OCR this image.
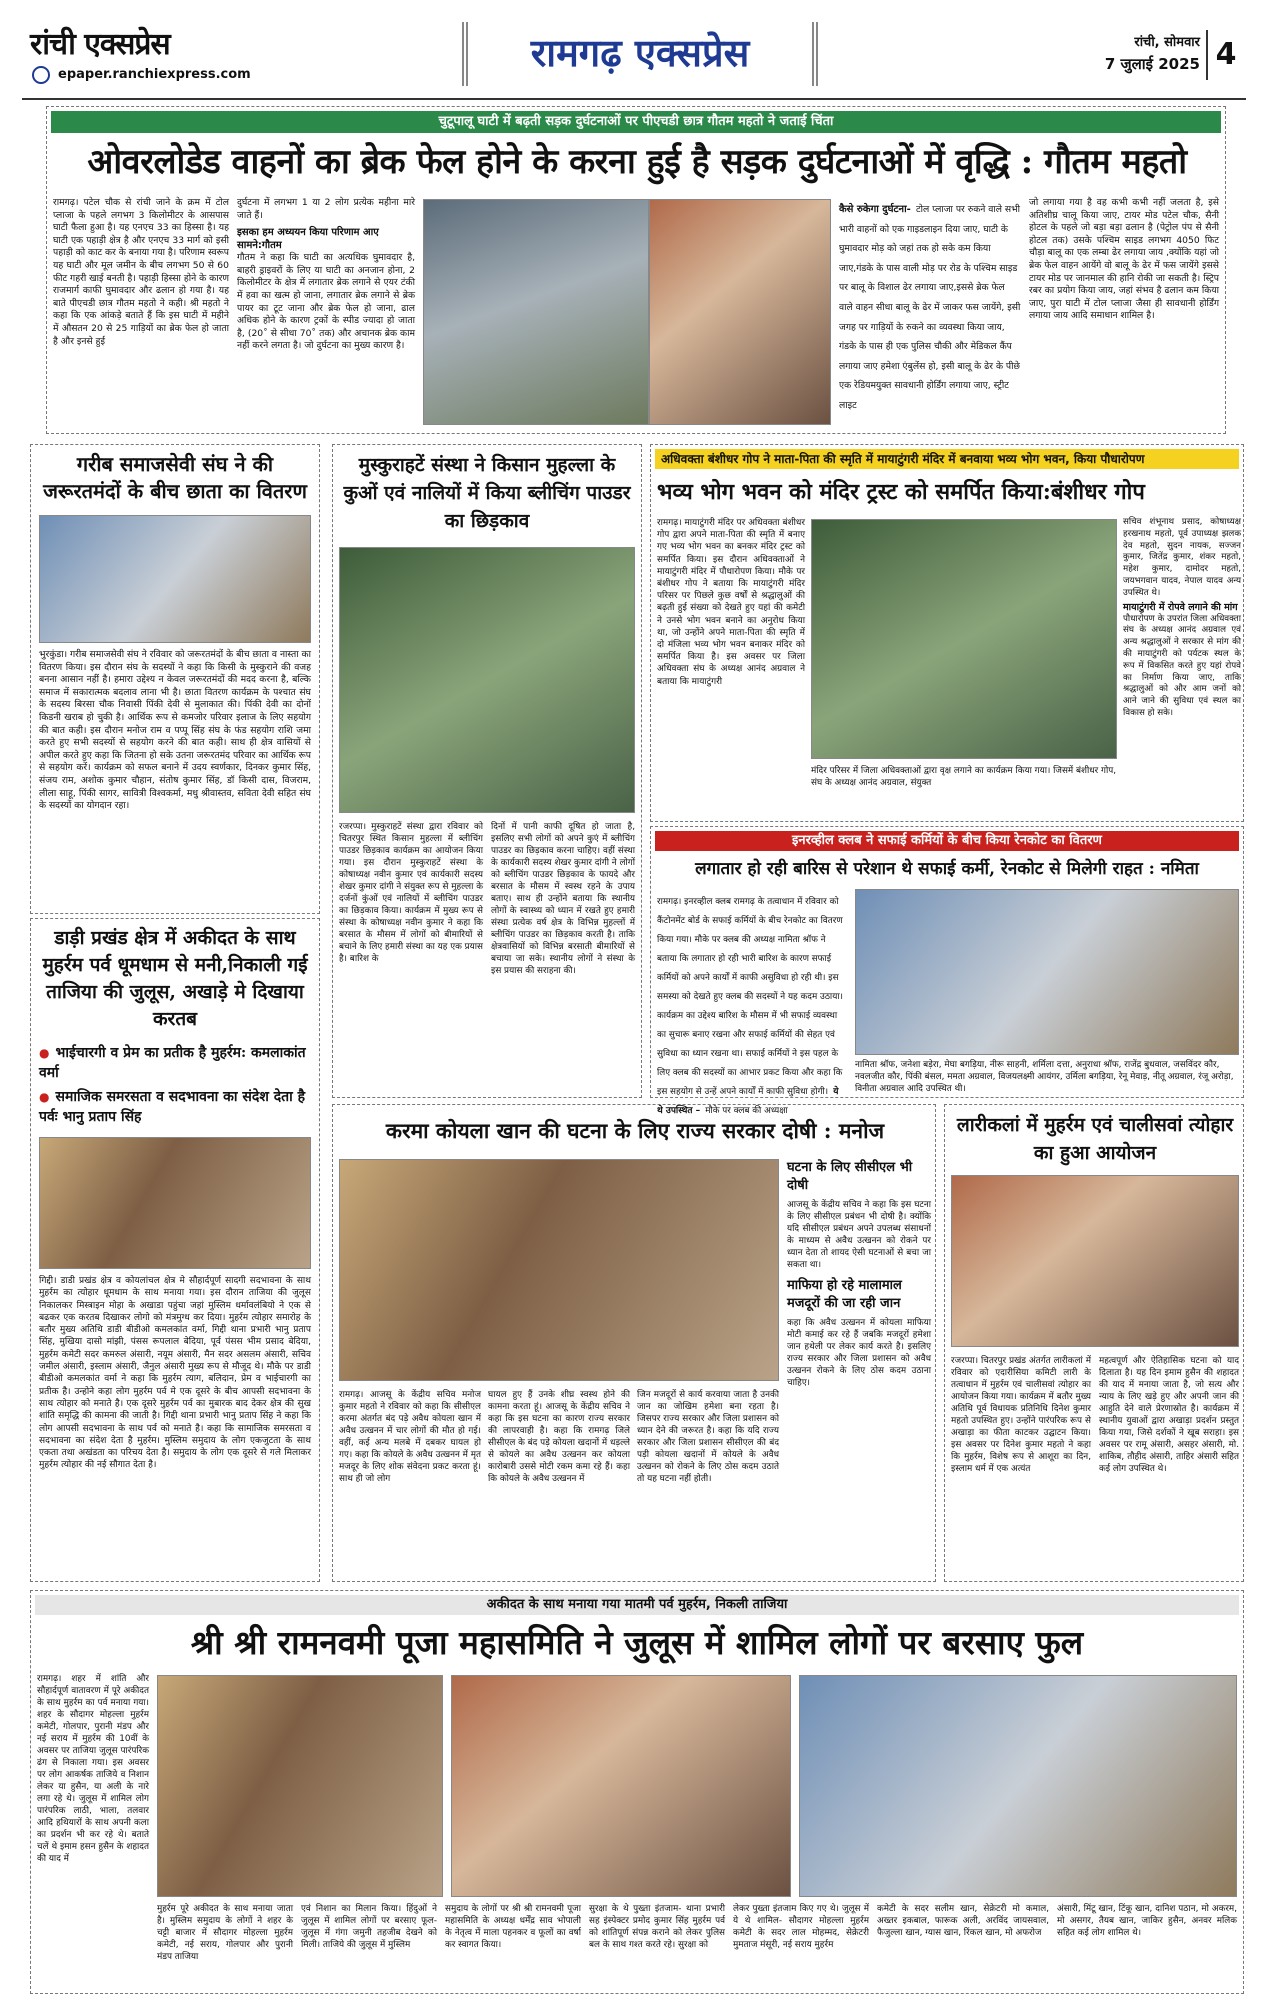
रांची एक्सप्रेस
epaper.ranchiexpress.com	रामगढ़ एक्सप्रेस	रांची, सोमवार
7 जुलाई 2025 4
चुटूपालू घाटी में बढ़ती सड़क दुर्घटनाओं पर पीएचडी छात्र गौतम महतो ने जताई चिंता
ओवरलोडेड वाहनों का ब्रेक फेल होने के करना हुई है सड़क दुर्घटनाओं में वृद्धि : गौतम महतो
रामगढ़। पटेल चौक से रांची जाने के क्रम में टोल प्लाजा के पहले लगभग 3 किलोमीटर के आसपास घाटी फैला हुआ है। यह एनएच 33 का हिस्सा है। यह घाटी एक पहाड़ी क्षेत्र है और एनएच 33 मार्ग को इसी पहाड़ी को काट कर के बनाया गया है। परिणाम स्वरूप यह घाटी और मूल जमीन के बीच लगभग 50 से 60 फीट गहरी खाई बनती है। पहाड़ी हिस्सा होने के कारण राजमार्ग काफी घुमावदार और ढलान हो गया है। यह बाते पीएचडी छात्र गौतम महतो ने कही। श्री महतो ने कहा कि एक आंकड़े बताते हैं कि इस घाटी में महीने में औसतन 20 से 25 गाड़ियों का ब्रेक फेल हो जाता है और इनसे हुई
दुर्घटना में लगभग 1 या 2 लोग प्रत्येक महीना मारे जाते हैं।
इसका हम अध्ययन किया परिणाम आए सामने:गौतम
गौतम ने कहा कि घाटी का अत्यधिक घुमावदार है, बाहरी ड्राइवरों के लिए या घाटी का अनजान होना, 2 किलोमीटर के क्षेत्र में लगातार ब्रेक लगाने से एयर टंकी में हवा का खत्म हो जाना, लगातार ब्रेक लगाने से ब्रेक पायर का टूट जाना और ब्रेक फेल हो जाना, ढाल अधिक होने के कारण ट्रकों के स्पीड ज्यादा हो जाता है, (20˚ से सीधा 70˚ तक) और अचानक ब्रेक काम नहीं करने लगता है। जो दुर्घटना का मुख्य कारण है।
कैसे रुकेगा दुर्घटना- टोल प्लाजा पर रुकने वाले सभी भारी वाहनों को एक गाइडलाइन दिया जाए, घाटी के घुमावदार मोड़ को जहां तक हो सके कम किया जाए,गंडके के पास वाली मोड़ पर रोड के पश्चिम साइड पर बालू के विशाल ढेर लगाया जाए,इससे ब्रेक फेल वाले वाहन सीधा बालू के ढेर में जाकर फस जायेंगे, इसी जगह पर गाड़ियों के रुकने का व्यवस्था किया जाय, गंडके के पास ही एक पुलिस चौकी और मेडिकल कैंप लगाया जाए हमेशा एंबुलेंस हो, इसी बालू के ढेर के पीछे एक रेडियमयुक्त सावधानी होर्डिंग लगाया जाए, स्ट्रीट लाइट
जो लगाया गया है वह कभी कभी नहीं जलता है, इसे अतिशीघ्र चालू किया जाए, टायर मोड पटेल चौक, सैनी होटल के पहले जो बड़ा बड़ा ढलान है (पेट्रोल पंप से सैनी होटल तक) उसके पश्चिम साइड लगभग 4050 फिट चौड़ा बालू का एक लम्बा ढेर लगाया जाय ,क्योंकि यहां जो ब्रेक फेल वाहन आयेंगे वो बालू के ढेर में फस जायेंगे इससे टायर मोड पर जानमाल की हानि रोकी जा सकती है। स्ट्रिप रबर का प्रयोग किया जाय, जहां संभव है ढलान कम किया जाए, पुरा घाटी में टोल प्लाजा जैसा ही सावधानी होर्डिंग लगाया जाय आदि समाधान शामिल है।
गरीब समाजसेवी संघ ने की जरूरतमंदों के बीच छाता का वितरण
भुरकुंडा। गरीब समाजसेवी संघ ने रविवार को जरूरतमंदों के बीच छाता व नास्ता का वितरण किया। इस दौरान संघ के सदस्यों ने कहा कि किसी के मुस्कुराने की वजह बनना आसान नहीं है। हमारा उद्देश्य न केवल जरूरतमंदों की मदद करना है, बल्कि समाज में सकारात्मक बदलाव लाना भी है। छाता वितरण कार्यक्रम के पश्चात संघ के सदस्य बिरसा चौक निवासी पिंकी देवी से मुलाकात की। पिंकी देवी का दोनों किडनी खराब हो चुकी है। आर्थिक रूप से कमजोर परिवार इलाज के लिए सहयोग की बात कही। इस दौरान मनोज राम व पप्पू सिंह संघ के फंड सहयोग राशि जमा करते हुए सभी सदस्यों से सहयोग करने की बात कही। साथ ही क्षेत्र वासियों से अपील करते हुए कहा कि जितना हो सके उतना जरूरतमंद परिवार का आर्थिक रूप से सहयोग करें। कार्यक्रम को सफल बनाने में उदय स्वर्णकार, दिनकर कुमार सिंह, संजय राम, अशोक कुमार चौहान, संतोष कुमार सिंह, डॉ किसी दास, विजराम, लीला साहू, पिंकी सागर, सावित्री विश्वकर्मा, मधु श्रीवास्तव, सविता देवी सहित संघ के सदस्यों का योगदान रहा।
डाड़ी प्रखंड क्षेत्र में अकीदत के साथ मुहर्रम पर्व धूमधाम से मनी,निकाली गई ताजिया की जुलूस, अखाड़े मे दिखाया करतब
● भाईचारगी व प्रेम का प्रतीक है मुहर्रम: कमलाकांत वर्मा
● समाजिक समरसता व सदभावना का संदेश देता है पर्वः भानु प्रताप सिंह
गिद्दी। डाडी प्रखंड क्षेत्र व कोयलांचल क्षेत्र मे सौहार्दपूर्ण सादगी सदभावना के साथ मुहर्रम का त्योहार धूमधाम के साथ मनाया गया। इस दौरान ताजिया की जुलूस निकालकर मिस्त्राइन मोहा के अखाडा पहुंचा जहां मुस्लिम धर्मावलंबियो ने एक से बढकर एक करतब दिखाकर लोगो को मंत्रमुग्ध कर दिया। मुहर्रम त्योहार समारोह के बतौर मुख्य अतिथि डाडी बीडीओ कमलकांत वर्मा, गिद्दी थाना प्रभारी भानु प्रताप सिंह, मुखिया दासो मांझी, पंसस रूपलाल बेदिया, पूर्व पंसस भीम प्रसाद बेदिया, मुहर्रम कमेटी सदर कमरुल अंसारी, नयूम अंसारी, मैन सदर असलम अंसारी, सचिव जमील अंसारी, इस्लाम अंसारी, जैनुल अंसारी मुख्य रूप से मौजूद थे। मौके पर डाडी बीडीओ कमलकांत वर्मा ने कहा कि मुहर्रम त्याग, बलिदान, प्रेम व भाईचारगी का प्रतीक है। उन्होने कहा लोग मुहर्रम पर्व मे एक दूसरे के बीच आपसी सदभावना के साथ त्योहार को मनाते है। एक दूसरे मुहर्रम पर्व का मुबारक बाद देकर क्षेत्र की सुख शांति समृद्धि की कामना की जाती है। गिद्दी थाना प्रभारी भानु प्रताप सिंह ने कहा कि लोग आपसी सदभावना के साथ पर्व को मनाते है। कहा कि सामाजिक समरसता व सदभावना का संदेश देता है मुहर्रम। मुस्लिम समुदाय के लोग एकजुटता के साथ एकता तथा अखंडता का परिचय देता है। समुदाय के लोग एक दूसरे से गले मिलाकर मुहर्रम त्योहार की नई सौगात देता है।
मुस्कुराहटें संस्था ने किसान मुहल्ला के कुओं एवं नालियों में किया ब्लीचिंग पाउडर का छिड़काव
रजरप्पा। मुस्कुराहटें संस्था द्वारा रविवार को चितरपुर स्थित किसान मुहल्ला में ब्लीचिंग पाउडर छिड़काव कार्यक्रम का आयोजन किया गया। इस दौरान मुस्कुराहटें संस्था के कोषाध्यक्ष नवीन कुमार एवं कार्यकारी सदस्य शेखर कुमार दांगी ने संयुक्त रूप से मुहल्ला के दर्जनों कुंओं एवं नालियों में ब्लीचिंग पाउडर का छिड़काव किया। कार्यक्रम में मुख्य रूप से संस्था के कोषाध्यक्ष नवीन कुमार ने कहा कि बरसात के मौसम में लोगों को बीमारियों से बचाने के लिए हमारी संस्था का यह एक प्रयास है। बारिश के
दिनों में पानी काफी दूषित हो जाता है, इसलिए सभी लोगों को अपने कुएं में ब्लीचिंग पाउडर का छिड़काव करना चाहिए। वहीं संस्था के कार्यकारी सदस्य शेखर कुमार दांगी ने लोगों को ब्लीचिंग पाउडर छिड़काव के फायदे और बरसात के मौसम में स्वस्थ रहने के उपाय बताए। साथ ही उन्होंने बताया कि स्थानीय लोगों के स्वास्थ्य को ध्यान में रखते हुए हमारी संस्था प्रत्येक वर्ष क्षेत्र के विभिन्न मुहल्लों में ब्लीचिंग पाउडर का छिड़काव करती है। ताकि क्षेत्रवासियों को विभिन्न बरसाती बीमारियों से बचाया जा सके। स्थानीय लोगों ने संस्था के इस प्रयास की सराहना की।
अधिवक्ता बंशीधर गोप ने माता-पिता की स्मृति में मायाटुंगरी मंदिर में बनवाया भव्य भोग भवन, किया पौधारोपण
भव्य भोग भवन को मंदिर ट्रस्ट को समर्पित किया:बंशीधर गोप
रामगढ़। मायाटुंगरी मंदिर पर अधिवक्ता बंशीधर गोप द्वारा अपने माता-पिता की स्मृति में बनाए गए भव्य भोग भवन का बनकर मंदिर ट्रस्ट को समर्पित किया। इस दौरान अधिवक्ताओं ने मायाटुंगरी मंदिर में पौधारोपण किया। मौके पर बंशीधर गोप ने बताया कि मायाटुंगरी मंदिर परिसर पर पिछले कुछ वर्षों से श्रद्धालुओं की बढ़ती हुई संख्या को देखते हुए यहां की कमेटी ने उनसे भोग भवन बनाने का अनुरोध किया था, जो उन्होंने अपने माता-पिता की स्मृति में दो मंजिला भव्य भोग भवन बनाकर मंदिर को समर्पित किया है। इस अवसर पर जिला अधिवक्ता संघ के अध्यक्ष आनंद अग्रवाल ने बताया कि मायाटुंगरी
मंदिर परिसर में जिला अधिवक्ताओं द्वारा वृक्ष लगाने का कार्यक्रम किया गया। जिसमें बंशीधर गोप, संघ के अध्यक्ष आनंद अग्रवाल, संयुक्त
सचिव शंभूनाथ प्रसाद, कोषाध्यक्ष हरखनाथ महतो, पूर्व उपाध्यक्ष झलक देव महतो, सुदन नायक, सज्जन कुमार, जितेंद्र कुमार, शंकर महतो, महेश कुमार, दामोदर महतो, जयभगवान यादव, नेपाल यादव अन्य उपस्थित थे।
मायाटुंगरी में रोपवे लगाने की मांग
पौधारोपण के उपरांत जिला अधिवक्ता संघ के अध्यक्ष आनंद अग्रवाल एवं अन्य श्रद्धालुओं ने सरकार से मांग की की मायाटुंगरी को पर्यटक स्थल के रूप में विकसित करते हुए यहां रोपवे का निर्माण किया जाए, ताकि श्रद्धालुओं को और आम जनों को आने जाने की सुविधा एवं स्थल का विकास हो सके।
इनरव्हील क्लब ने सफाई कर्मियों के बीच किया रेनकोट का वितरण
लगातार हो रही बारिस से परेशान थे सफाई कर्मी, रेनकोट से मिलेगी राहत : नमिता
रामगढ़। इनरव्हील क्लब रामगढ़ के तत्वाधान में रविवार को कैंटोनमेंट बोर्ड के सफाई कर्मियों के बीच रेनकोट का वितरण किया गया। मौके पर क्लब की अध्यक्ष नामिता श्रॉफ ने बताया कि लगातार हो रही भारी बारिश के कारण सफाई कर्मियों को अपने कार्यों में काफी असुविधा हो रही थी। इस समस्या को देखते हुए क्लब की सदस्यों ने यह कदम उठाया। कार्यक्रम का उद्देश्य बारिश के मौसम में भी सफाई व्यवस्था का सुचारू बनाए रखना और सफाई कर्मियों की सेहत एवं सुविधा का ध्यान रखना था। सफाई कर्मियों ने इस पहल के लिए क्लब की सदस्यों का आभार प्रकट किया और कहा कि इस सहयोग से उन्हें अपने कार्यों में काफी सुविधा होगी। ये थे उपस्थित – मौके पर क्लब की अध्यक्षा
नामिता श्रॉफ, जनेशा बड़ेरा, मेघा बगड़िया, नीरू साहनी, शर्मिला दत्ता, अनुराधा श्रॉफ, राजेंद्र बुधवाल, जसविंदर कौर, नवलजीत कौर, पिंकी बंसल, ममता अग्रवाल, विजयलक्ष्मी आयंगर, उर्मिला बगड़िया, रेनू मेवाड़, नीतू अग्रवाल, रंजू अरोड़ा, विनीता अग्रवाल आदि उपस्थित थी।
करमा कोयला खान की घटना के लिए राज्य सरकार दोषी : मनोज
घटना के लिए सीसीएल भी दोषी
आजसू के केंद्रीय सचिव ने कहा कि इस घटना के लिए सीसीएल प्रबंधन भी दोषी है। क्योंकि यदि सीसीएल प्रबंधन अपने उपलब्ध संसाधनों के माध्यम से अवैध उत्खनन को रोकने पर ध्यान देता तो शायद ऐसी घटनाओं से बचा जा सकता था।
माफिया हो रहे मालामाल मजदूरों की जा रही जान
कहा कि अवैध उत्खनन में कोयला माफिया मोटी कमाई कर रहे हैं जबकि मजदूरों हमेशा जान हथेली पर लेकर कार्य करते है। इसलिए राज्य सरकार और जिला प्रशासन को अवैध उत्खनन रोकने के लिए ठोस कदम उठाना चाहिए।
रामगढ़। आजसू के केंद्रीय सचिव मनोज कुमार महतो ने रविवार को कहा कि सीसीएल करमा अंतर्गत बंद पड़े अवैध कोयला खान में अवैध उत्खनन में चार लोगों की मौत हो गई। वहीं, कई अन्य मलबे में दबकर घायल हो गए। कहा कि कोयले के अवैध उत्खनन में मृत मजदूर के लिए शोक संवेदना प्रकट करता हूं। साथ ही जो लोग
घायल हुए हैं उनके शीघ्र स्वस्थ होने की कामना करता हूं। आजसू के केंद्रीय सचिव ने कहा कि इस घटना का कारण राज्य सरकार की लापरवाही है। कहा कि रामगढ़ जिले सीसीएल के बंद पड़े कोयला खदानों में धड़ल्ले से कोयले का अवैध उत्खनन कर कोयला कारोबारी उससे मोटी रकम कमा रहे हैं। कहा कि कोयले के अवैध उत्खनन में
जिन मजदूरों से कार्य करवाया जाता है उनकी जान का जोखिम हमेशा बना रहता है। जिसपर राज्य सरकार और जिला प्रशासन को ध्यान देने की जरूरत है। कहा कि यदि राज्य सरकार और जिला प्रशासन सीसीएल की बंद पड़ी कोयला खदानों में कोयले के अवैध उत्खनन को रोकने के लिए ठोस कदम उठाते तो यह घटना नहीं होती।
लारीकलां में मुहर्रम एवं चालीसवां त्योहार का हुआ आयोजन
रजरप्पा। चितरपुर प्रखंड अंतर्गत लारीकलां में रविवार को एदारीसिया कमिटी लारी के तत्वाधान में मुहर्रम एवं चालीसवां त्योहार का आयोजन किया गया। कार्यक्रम में बतौर मुख्य अतिथि पूर्व विधायक प्रतिनिधि दिनेश कुमार महतो उपस्थित हुए। उन्होंने पारंपरिक रूप से अखाड़ा का फीता काटकर उद्घाटन किया। इस अवसर पर दिनेश कुमार महतो ने कहा कि मुहर्रम, विशेष रूप से आशूरा का दिन, इस्लाम धर्म में एक अत्यंत
महत्वपूर्ण और ऐतिहासिक घटना को याद दिलाता है। यह दिन इमाम हुसैन की शहादत की याद में मनाया जाता है, जो सत्य और न्याय के लिए खड़े हुए और अपनी जान की आहुति देने वाले प्रेरणास्रोत है। कार्यक्रम में स्थानीय युवाओं द्वारा अखाड़ा प्रदर्शन प्रस्तुत किया गया, जिसे दर्शकों ने खूब सराहा। इस अवसर पर रामू अंसारी, असहर अंसारी, मो. शाकिब, तौहीद अंसारी, ताहिर अंसारी सहित कई लोग उपस्थित थे।
अकीदत के साथ मनाया गया मातमी पर्व मुहर्रम, निकली ताजिया
श्री श्री रामनवमी पूजा महासमिति ने जुलूस में शामिल लोगों पर बरसाए फुल
रामगढ़। शहर में शांति और सौहार्दपूर्ण वातावरण में पूरे अकीदत के साथ मुहर्रम का पर्व मनाया गया। शहर के सौदागर मोहल्ला मुहर्रम कमेटी, गोलपार, पुरानी मंडप और नई सराय में मुहर्रम की 10वीं के अवसर पर ताजिया जुलूस पारंपरिक ढंग से निकाला गया। इस अवसर पर लोग आकर्षक ताजिये व निशान लेकर या हुसैन, या अली के नारे लगा रहे थे। जुलूस में शामिल लोग पारंपरिक लाठी, भाला, तलवार आदि हथियारों के साथ अपनी कला का प्रदर्शन भी कर रहे थे। बताते चलें थे इमाम हसन हुसैन के शहादत की याद में
मुहर्रम पूरे अकीदत के साथ मनाया जाता है। मुस्लिम समुदाय के लोगों ने शहर के चट्टी बाजार में सौदागर मोहल्ला मुहर्रम कमेटी, नई सराय, गोलपार और पुरानी मंडप ताजिया
एवं निशान का मिलान किया। हिंदुओं ने जुलूस में शामिल लोगों पर बरसाए फूल- जुलूस में गंगा जमुनी तहजीब देखने को मिली। ताजिये की जुलूस में मुस्लिम
समुदाय के लोगों पर श्री श्री रामनवमी पूजा महासमिति के अध्यक्ष धर्मेंद्र साव भोपाली के नेतृत्व में माला पहनकर व फूलों का वर्षा कर स्वागत किया।
सुरक्षा के थे पुख्ता इंतजाम- थाना प्रभारी सह इंस्पेक्टर प्रमोद कुमार सिंह मुहर्रम पर्व को शांतिपूर्ण संपन्न कराने को लेकर पुलिस बल के साथ गश्त करते रहे। सुरक्षा को
लेकर पुख्ता इंतजाम किए गए थे। जुलूस में ये थे शामिल- सौदागर मोहल्ला मुहर्रम कमेटी के सदर लाल मोहम्मद, सेक्रेटरी मुमताज मंसूरी, नई सराय मुहर्रम
कमेटी के सदर सलीम खान, सेक्रेटरी मो कमाल, अख्तर इकबाल, फारूक अली, अरविंद जायसवाल, फैजुल्ला खान, ग्यास खान, रिंकल खान, मो अफरोज
अंसारी, मिंटू खान, टिंकू खान, दानिश पठान, मो अकरम, मो असगर, तैयब खान, जाकिर हुसैन, अनवर मलिक सहित कई लोग शामिल थे।
